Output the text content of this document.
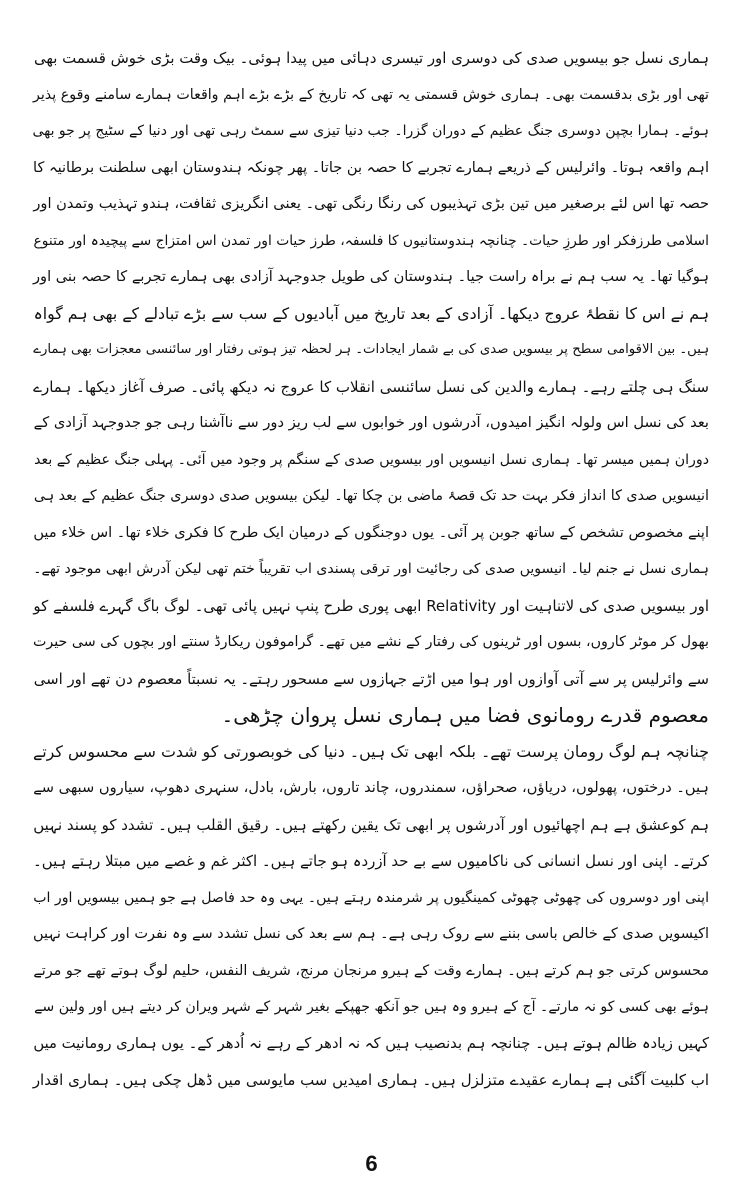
ہماری نسل جو بیسویں صدی کی دوسری اور تیسری دہائی میں پیدا ہوئی۔ بیک وقت بڑی خوش قسمت بھی
تھی اور بڑی بدقسمت بھی۔ ہماری خوش قسمتی یہ تھی کہ تاریخ کے بڑے بڑے اہم واقعات ہمارے سامنے وقوع پذیر
ہوئے۔ ہمارا بچپن دوسری جنگ عظیم کے دوران گزرا۔ جب دنیا تیزی سے سمٹ رہی تھی اور دنیا کے سٹیج پر جو بھی
اہم واقعہ ہوتا۔ وائرلیس کے ذریعے ہمارے تجربے کا حصہ بن جاتا۔ پھر چونکہ ہندوستان ابھی سلطنت برطانیہ کا
حصہ تھا اس لئے برصغیر میں تین بڑی تہذیبوں کی رنگا رنگی تھی۔ یعنی انگریزی ثقافت، ہندو تہذیب وتمدن اور
اسلامی طرزفکر اور طرزِ حیات۔ چنانچہ ہندوستانیوں کا فلسفہ، طرز حیات اور تمدن اس امتزاج سے پیچیدہ اور متنوع
ہوگیا تھا۔ یہ سب ہم نے براہ راست جیا۔ ہندوستان کی طویل جدوجہد آزادی بھی ہمارے تجربے کا حصہ بنی اور
ہم نے اس کا نقطۂ عروج دیکھا۔ آزادی کے بعد تاریخ میں آبادیوں کے سب سے بڑے تبادلے کے بھی ہم گواہ
ہیں۔ بین الاقوامی سطح پر بیسویں صدی کی بے شمار ایجادات۔ ہر لحظہ تیز ہوتی رفتار اور سائنسی معجزات بھی ہمارے
سنگ ہی چلتے رہے۔ ہمارے والدین کی نسل سائنسی انقلاب کا عروج نہ دیکھ پائی۔ صرف آغاز دیکھا۔ ہمارے
بعد کی نسل اس ولولہ انگیز امیدوں، آدرشوں اور خوابوں سے لب ریز دور سے ناآشنا رہی جو جدوجہد آزادی کے
دوران ہمیں میسر تھا۔ ہماری نسل انیسویں اور بیسویں صدی کے سنگم پر وجود میں آئی۔ پہلی جنگ عظیم کے بعد
انیسویں صدی کا انداز فکر بہت حد تک قصۂ ماضی بن چکا تھا۔ لیکن بیسویں صدی دوسری جنگ عظیم کے بعد ہی
اپنے مخصوص تشخص کے ساتھ جوبن پر آئی۔ یوں دوجنگوں کے درمیان ایک طرح کا فکری خلاء تھا۔ اس خلاء میں
ہماری نسل نے جنم لیا۔ انیسویں صدی کی رجائیت اور ترقی پسندی اب تقریباً ختم تھی لیکن آدرش ابھی موجود تھے۔
اور بیسویں صدی کی لاتناہیت اور Relativity ابھی پوری طرح پنپ نہیں پائی تھی۔ لوگ باگ گہرے فلسفے کو
بھول کر موٹر کاروں، بسوں اور ٹرینوں کی رفتار کے نشے میں تھے۔ گراموفون ریکارڈ سنتے اور بچوں کی سی حیرت
سے وائرلیس پر سے آتی آوازوں اور ہوا میں اڑتے جہازوں سے مسحور رہتے۔ یہ نسبتاً معصوم دن تھے اور اسی
معصوم قدرے رومانوی فضا میں ہماری نسل پروان چڑھی۔
چنانچہ ہم لوگ رومان پرست تھے۔ بلکہ ابھی تک ہیں۔ دنیا کی خوبصورتی کو شدت سے محسوس کرتے
ہیں۔ درختوں، پھولوں، دریاؤں، صحراؤں، سمندروں، چاند تاروں، بارش، بادل، سنہری دھوپ، سیاروں سبھی سے
ہم کوعشق ہے ہم اچھائیوں اور آدرشوں پر ابھی تک یقین رکھتے ہیں۔ رقیق القلب ہیں۔ تشدد کو پسند نہیں
کرتے۔ اپنی اور نسل انسانی کی ناکامیوں سے بے حد آزردہ ہو جاتے ہیں۔ اکثر غم و غصے میں مبتلا رہتے ہیں۔
اپنی اور دوسروں کی چھوٹی چھوٹی کمینگیوں پر شرمندہ رہتے ہیں۔ یہی وہ حد فاصل ہے جو ہمیں بیسویں اور اب
اکیسویں صدی کے خالص باسی بننے سے روک رہی ہے۔ ہم سے بعد کی نسل تشدد سے وہ نفرت اور کراہت نہیں
محسوس کرتی جو ہم کرتے ہیں۔ ہمارے وقت کے ہیرو مرنجان مرنج، شریف النفس، حلیم لوگ ہوتے تھے جو مرتے
ہوئے بھی کسی کو نہ مارتے۔ آج کے ہیرو وہ ہیں جو آنکھ جھپکے بغیر شہر کے شہر ویران کر دیتے ہیں اور ولین سے
کہیں زیادہ ظالم ہوتے ہیں۔ چنانچہ ہم بدنصیب ہیں کہ نہ ادھر کے رہے نہ اُدھر کے۔ یوں ہماری رومانیت میں
اب کلبیت آگئی ہے ہمارے عقیدے متزلزل ہیں۔ ہماری امیدیں سب مایوسی میں ڈھل چکی ہیں۔ ہماری اقدار
6
